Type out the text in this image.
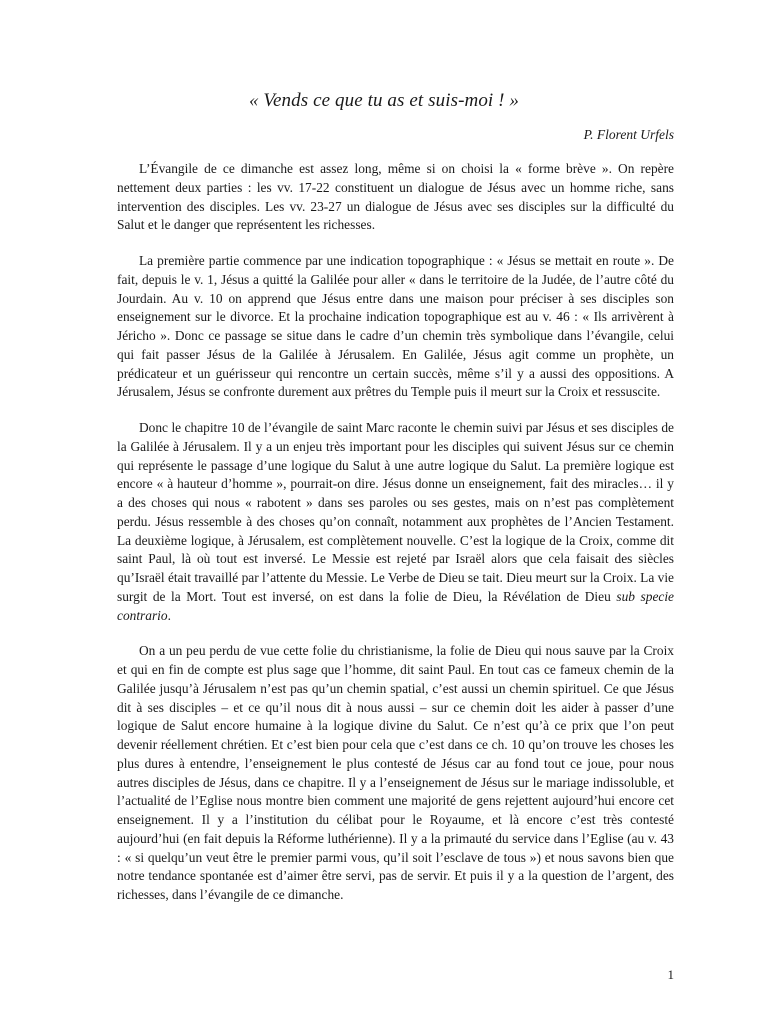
« Vends ce que tu as et suis-moi ! »
P. Florent Urfels

L’Évangile de ce dimanche est assez long, même si on choisi la « forme brève ». On repère nettement deux parties : les vv. 17-22 constituent un dialogue de Jésus avec un homme riche, sans intervention des disciples. Les vv. 23-27 un dialogue de Jésus avec ses disciples sur la difficulté du Salut et le danger que représentent les richesses.

La première partie commence par une indication topographique : « Jésus se mettait en route ». De fait, depuis le v. 1, Jésus a quitté la Galilée pour aller « dans le territoire de la Judée, de l’autre côté du Jourdain. Au v. 10 on apprend que Jésus entre dans une maison pour préciser à ses disciples son enseignement sur le divorce. Et la prochaine indication topographique est au v. 46 : « Ils arrivèrent à Jéricho ». Donc ce passage se situe dans le cadre d’un chemin très symbolique dans l’évangile, celui qui fait passer Jésus de la Galilée à Jérusalem. En Galilée, Jésus agit comme un prophète, un prédicateur et un guérisseur qui rencontre un certain succès, même s’il y a aussi des oppositions. A Jérusalem, Jésus se confronte durement aux prêtres du Temple puis il meurt sur la Croix et ressuscite.

Donc le chapitre 10 de l’évangile de saint Marc raconte le chemin suivi par Jésus et ses disciples de la Galilée à Jérusalem. Il y a un enjeu très important pour les disciples qui suivent Jésus sur ce chemin qui représente le passage d’une logique du Salut à une autre logique du Salut. La première logique est encore « à hauteur d’homme », pourrait-on dire. Jésus donne un enseignement, fait des miracles… il y a des choses qui nous « rabotent » dans ses paroles ou ses gestes, mais on n’est pas complètement perdu. Jésus ressemble à des choses qu’on connaît, notamment aux prophètes de l’Ancien Testament. La deuxième logique, à Jérusalem, est complètement nouvelle. C’est la logique de la Croix, comme dit saint Paul, là où tout est inversé. Le Messie est rejeté par Israël alors que cela faisait des siècles qu’Israël était travaillé par l’attente du Messie. Le Verbe de Dieu se tait. Dieu meurt sur la Croix. La vie surgit de la Mort. Tout est inversé, on est dans la folie de Dieu, la Révélation de Dieu sub specie contrario.

On a un peu perdu de vue cette folie du christianisme, la folie de Dieu qui nous sauve par la Croix et qui en fin de compte est plus sage que l’homme, dit saint Paul. En tout cas ce fameux chemin de la Galilée jusqu’à Jérusalem n’est pas qu’un chemin spatial, c’est aussi un chemin spirituel. Ce que Jésus dit à ses disciples – et ce qu’il nous dit à nous aussi – sur ce chemin doit les aider à passer d’une logique de Salut encore humaine à la logique divine du Salut. Ce n’est qu’à ce prix que l’on peut devenir réellement chrétien. Et c’est bien pour cela que c’est dans ce ch. 10 qu’on trouve les choses les plus dures à entendre, l’enseignement le plus contesté de Jésus car au fond tout ce joue, pour nous autres disciples de Jésus, dans ce chapitre. Il y a l’enseignement de Jésus sur le mariage indissoluble, et l’actualité de l’Eglise nous montre bien comment une majorité de gens rejettent aujourd’hui encore cet enseignement. Il y a l’institution du célibat pour le Royaume, et là encore c’est très contesté aujourd’hui (en fait depuis la Réforme luthérienne). Il y a la primauté du service dans l’Eglise (au v. 43 : « si quelqu’un veut être le premier parmi vous, qu’il soit l’esclave de tous ») et nous savons bien que notre tendance spontanée est d’aimer être servi, pas de servir. Et puis il y a la question de l’argent, des richesses, dans l’évangile de ce dimanche.

1
